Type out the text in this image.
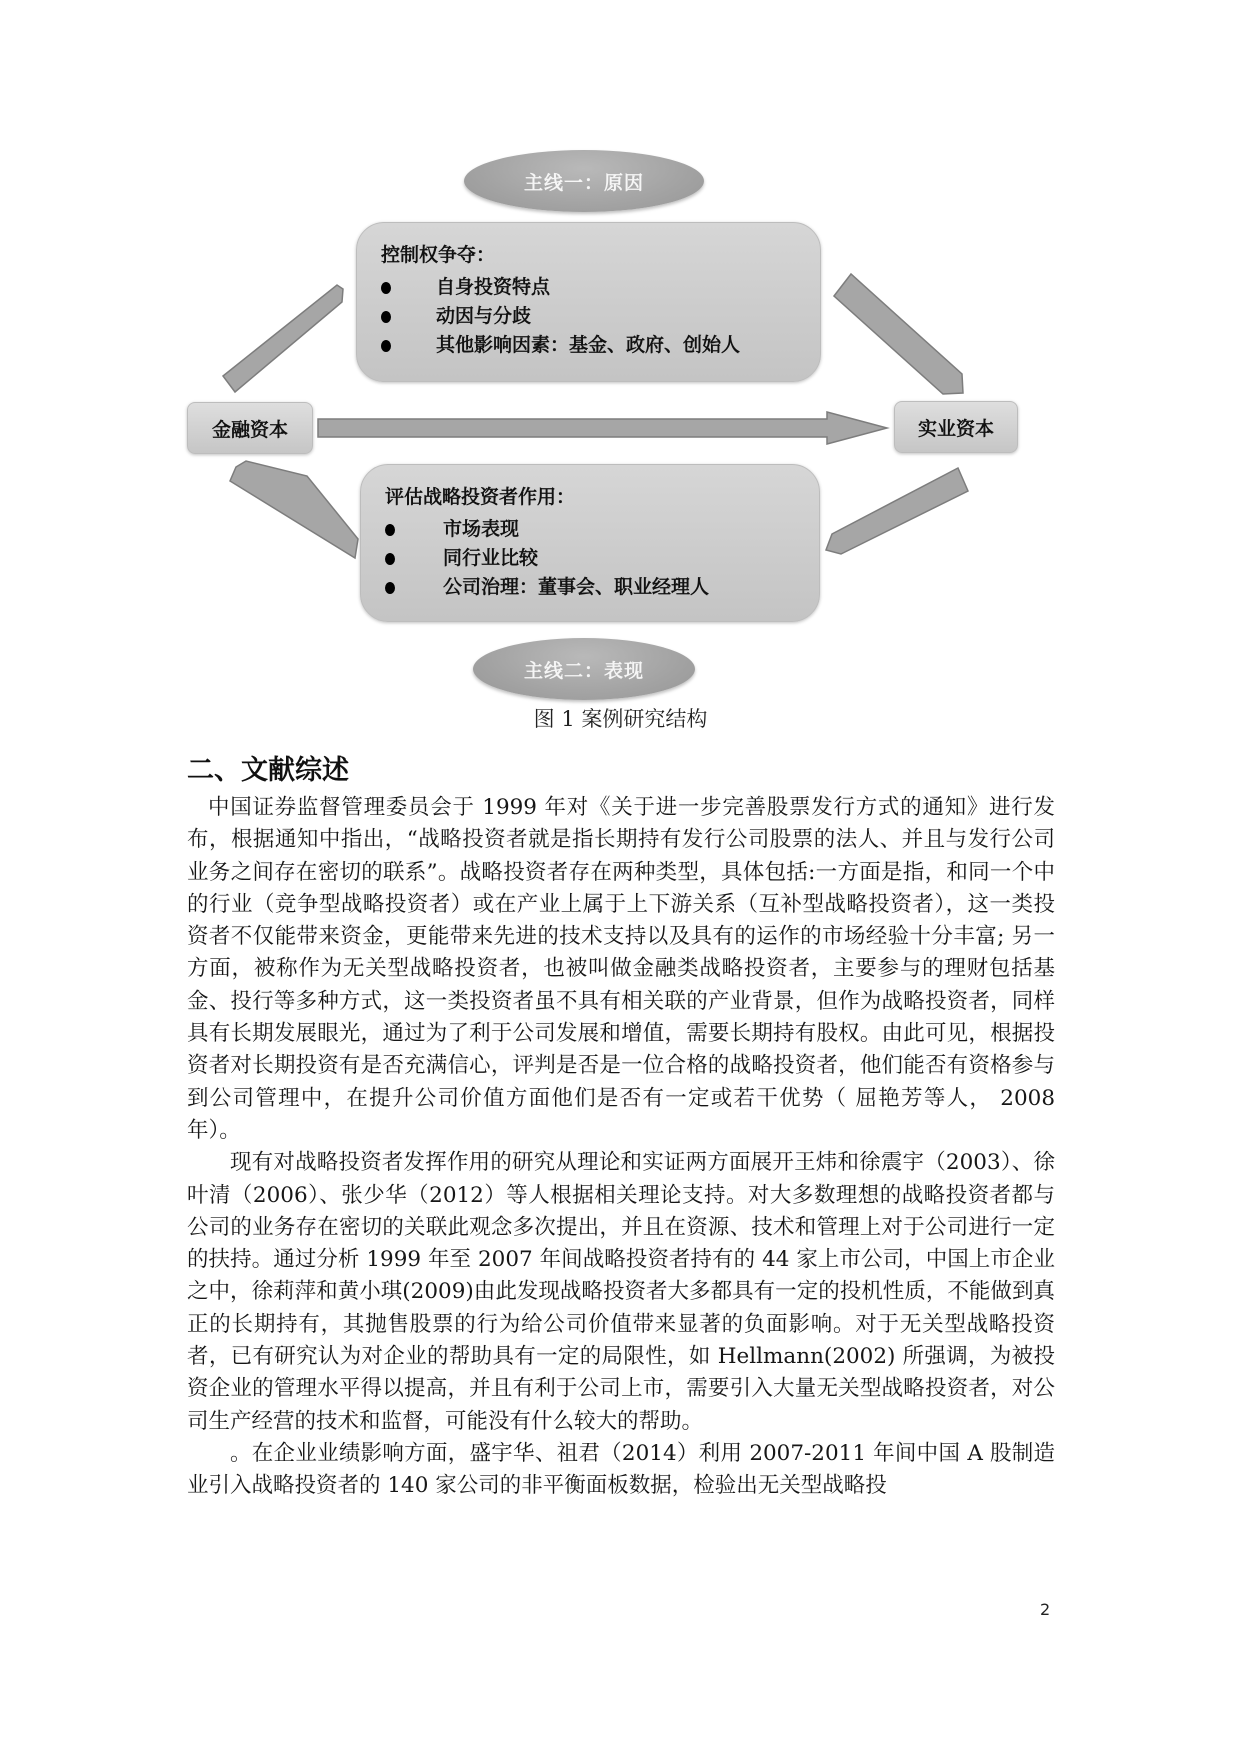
主线一：原因
控制权争夺：
自身投资特点
动因与分歧
其他影响因素：基金、政府、创始人
金融资本	实业资本
评估战略投资者作用：
市场表现
同行业比较
公司治理：董事会、职业经理人
主线二：表现
图 1 案例研究结构
二、文献综述

中国证券监督管理委员会于 1999 年对《关于进一步完善股票发行方式的通知》进行发布，根据通知中指出，“战略投资者就是指长期持有发行公司股票的法人、并且与发行公司业务之间存在密切的联系”。战略投资者存在两种类型，具体包括:一方面是指，和同一个中的行业（竞争型战略投资者）或在产业上属于上下游关系（互补型战略投资者），这一类投资者不仅能带来资金，更能带来先进的技术支持以及具有的运作的市场经验十分丰富; 另一方面，被称作为无关型战略投资者，也被叫做金融类战略投资者，主要参与的理财包括基金、投行等多种方式，这一类投资者虽不具有相关联的产业背景，但作为战略投资者，同样具有长期发展眼光，通过为了利于公司发展和增值，需要长期持有股权。由此可见，根据投资者对长期投资有是否充满信心，评判是否是一位合格的战略投资者，他们能否有资格参与到公司管理中，在提升公司价值方面他们是否有一定或若干优势（ 屈艳芳等人， 2008 年）。

现有对战略投资者发挥作用的研究从理论和实证两方面展开王炜和徐震宇（2003）、徐叶清（2006）、张少华（2012）等人根据相关理论支持。对大多数理想的战略投资者都与公司的业务存在密切的关联此观念多次提出，并且在资源、技术和管理上对于公司进行一定的扶持。通过分析 1999 年至 2007 年间战略投资者持有的 44 家上市公司，中国上市企业之中，徐莉萍和黄小琪(2009)由此发现战略投资者大多都具有一定的投机性质，不能做到真正的长期持有，其抛售股票的行为给公司价值带来显著的负面影响。对于无关型战略投资者，已有研究认为对企业的帮助具有一定的局限性，如 Hellmann(2002) 所强调，为被投资企业的管理水平得以提高，并且有利于公司上市，需要引入大量无关型战略投资者，对公司生产经营的技术和监督，可能没有什么较大的帮助。

。在企业业绩影响方面，盛宇华、祖君（2014）利用 2007-2011 年间中国 A 股制造业引入战略投资者的 140 家公司的非平衡面板数据，检验出无关型战略投

2
